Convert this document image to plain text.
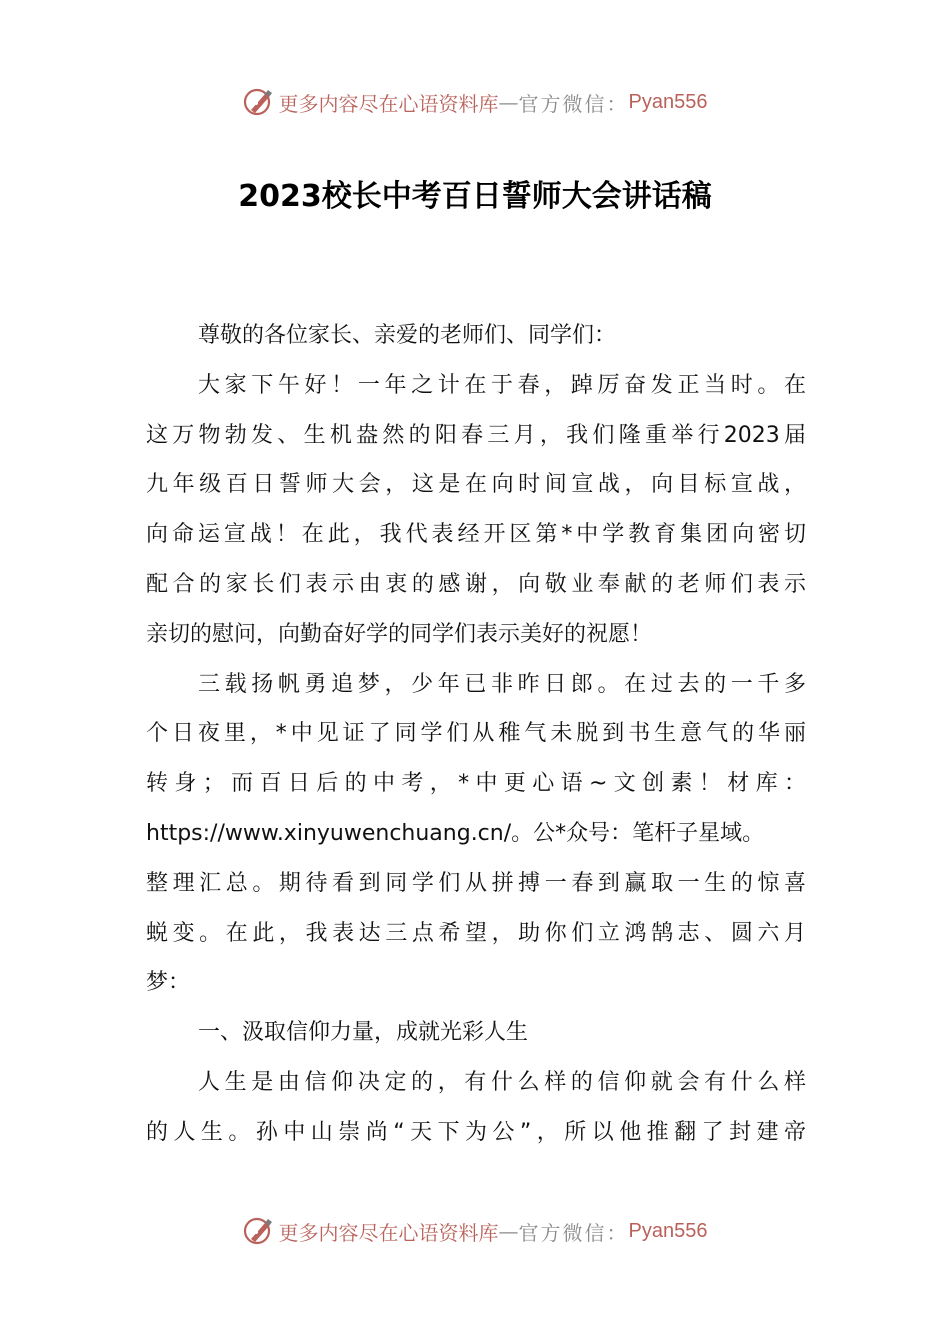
更多内容尽在心语资料库 — 官方微信： Pyan556
2023校长中考百日誓师大会讲话稿
尊敬的各位家长、亲爱的老师们、同学们：
大家下午好！一年之计在于春，踔厉奋发正当时。在
这万物勃发、生机盎然的阳春三月，我们隆重举行2023届
九年级百日誓师大会，这是在向时间宣战，向目标宣战，
向命运宣战！在此，我代表经开区第*中学教育集团向密切
配合的家长们表示由衷的感谢，向敬业奉献的老师们表示
亲切的慰问，向勤奋好学的同学们表示美好的祝愿！
三载扬帆勇追梦，少年已非昨日郎。在过去的一千多
个日夜里，*中见证了同学们从稚气未脱到书生意气的华丽
转身；而百日后的中考，*中更心语~文创素！材库：
https://www.xinyuwenchuang.cn/。公*众号：笔杆子星域。
整理汇总。期待看到同学们从拼搏一春到赢取一生的惊喜
蜕变。在此，我表达三点希望，助你们立鸿鹄志、圆六月
梦：
一、汲取信仰力量，成就光彩人生
人生是由信仰决定的，有什么样的信仰就会有什么样
的人生。孙中山崇尚“天下为公”，所以他推翻了封建帝
更多内容尽在心语资料库 — 官方微信： Pyan556
